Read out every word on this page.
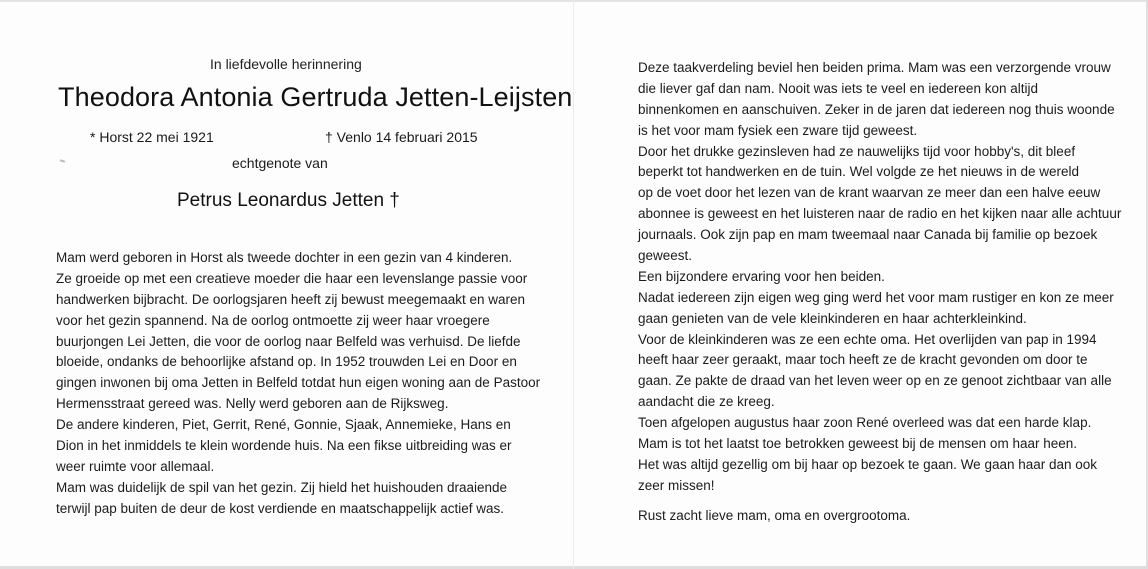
In liefdevolle herinnering
Theodora Antonia Gertruda Jetten-Leijsten
* Horst 22 mei 1921	† Venlo 14 februari 2015
echtgenote van
Petrus Leonardus Jetten †
Mam werd geboren in Horst als tweede dochter in een gezin van 4 kinderen.
Ze groeide op met een creatieve moeder die haar een levenslange passie voor
handwerken bijbracht. De oorlogsjaren heeft zij bewust meegemaakt en waren
voor het gezin spannend. Na de oorlog ontmoette zij weer haar vroegere
buurjongen Lei Jetten, die voor de oorlog naar Belfeld was verhuisd. De liefde
bloeide, ondanks de behoorlijke afstand op. In 1952 trouwden Lei en Door en
gingen inwonen bij oma Jetten in Belfeld totdat hun eigen woning aan de Pastoor
Hermensstraat gereed was. Nelly werd geboren aan de Rijksweg.
De andere kinderen, Piet, Gerrit, René, Gonnie, Sjaak, Annemieke, Hans en
Dion in het inmiddels te klein wordende huis. Na een fikse uitbreiding was er
weer ruimte voor allemaal.
Mam was duidelijk de spil van het gezin. Zij hield het huishouden draaiende
terwijl pap buiten de deur de kost verdiende en maatschappelijk actief was.
Deze taakverdeling beviel hen beiden prima. Mam was een verzorgende vrouw
die liever gaf dan nam. Nooit was iets te veel en iedereen kon altijd
binnenkomen en aanschuiven. Zeker in de jaren dat iedereen nog thuis woonde
is het voor mam fysiek een zware tijd geweest.
Door het drukke gezinsleven had ze nauwelijks tijd voor hobby's, dit bleef
beperkt tot handwerken en de tuin. Wel volgde ze het nieuws in de wereld
op de voet door het lezen van de krant waarvan ze meer dan een halve eeuw
abonnee is geweest en het luisteren naar de radio en het kijken naar alle achtuur
journaals. Ook zijn pap en mam tweemaal naar Canada bij familie op bezoek
geweest.
Een bijzondere ervaring voor hen beiden.
Nadat iedereen zijn eigen weg ging werd het voor mam rustiger en kon ze meer
gaan genieten van de vele kleinkinderen en haar achterkleinkind.
Voor de kleinkinderen was ze een echte oma. Het overlijden van pap in 1994
heeft haar zeer geraakt, maar toch heeft ze de kracht gevonden om door te
gaan. Ze pakte de draad van het leven weer op en ze genoot zichtbaar van alle
aandacht die ze kreeg.
Toen afgelopen augustus haar zoon René overleed was dat een harde klap.
Mam is tot het laatst toe betrokken geweest bij de mensen om haar heen.
Het was altijd gezellig om bij haar op bezoek te gaan. We gaan haar dan ook
zeer missen!
Rust zacht lieve mam, oma en overgrootoma.
